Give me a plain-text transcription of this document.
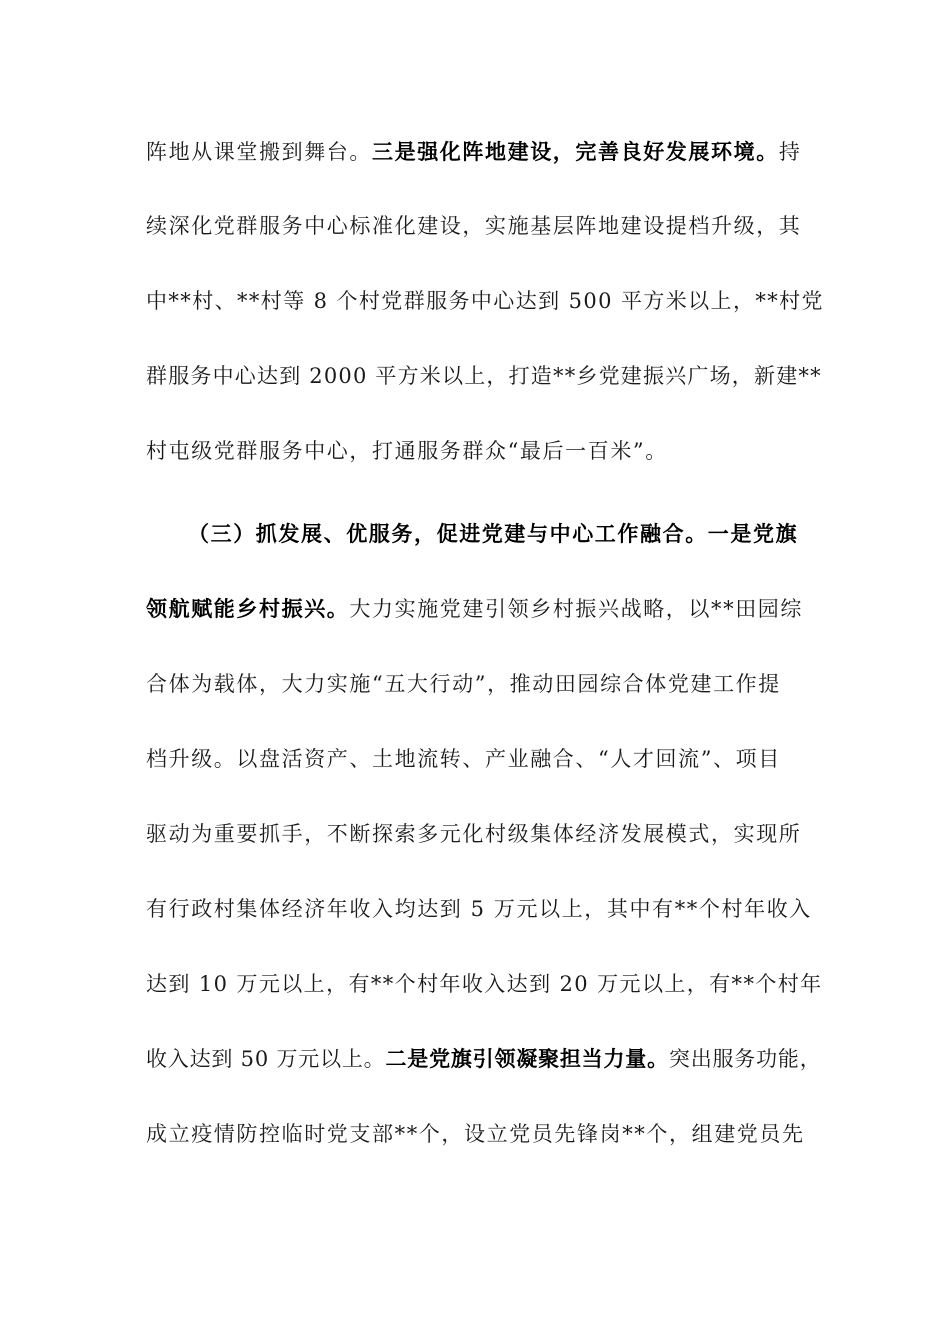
阵地从课堂搬到舞台。三是强化阵地建设，完善良好发展环境。持
续深化党群服务中心标准化建设，实施基层阵地建设提档升级，其
中**村、**村等 8 个村党群服务中心达到 500 平方米以上，**村党
群服务中心达到 2000 平方米以上，打造**乡党建振兴广场，新建**
村屯级党群服务中心，打通服务群众“最后一百米”。
（三）抓发展、优服务，促进党建与中心工作融合。一是党旗
领航赋能乡村振兴。大力实施党建引领乡村振兴战略，以**田园综
合体为载体，大力实施“五大行动”，推动田园综合体党建工作提
档升级。以盘活资产、土地流转、产业融合、“人才回流”、项目
驱动为重要抓手，不断探索多元化村级集体经济发展模式，实现所
有行政村集体经济年收入均达到 5 万元以上，其中有**个村年收入
达到 10 万元以上，有**个村年收入达到 20 万元以上，有**个村年
收入达到 50 万元以上。二是党旗引领凝聚担当力量。突出服务功能，
成立疫情防控临时党支部**个，设立党员先锋岗**个，组建党员先
